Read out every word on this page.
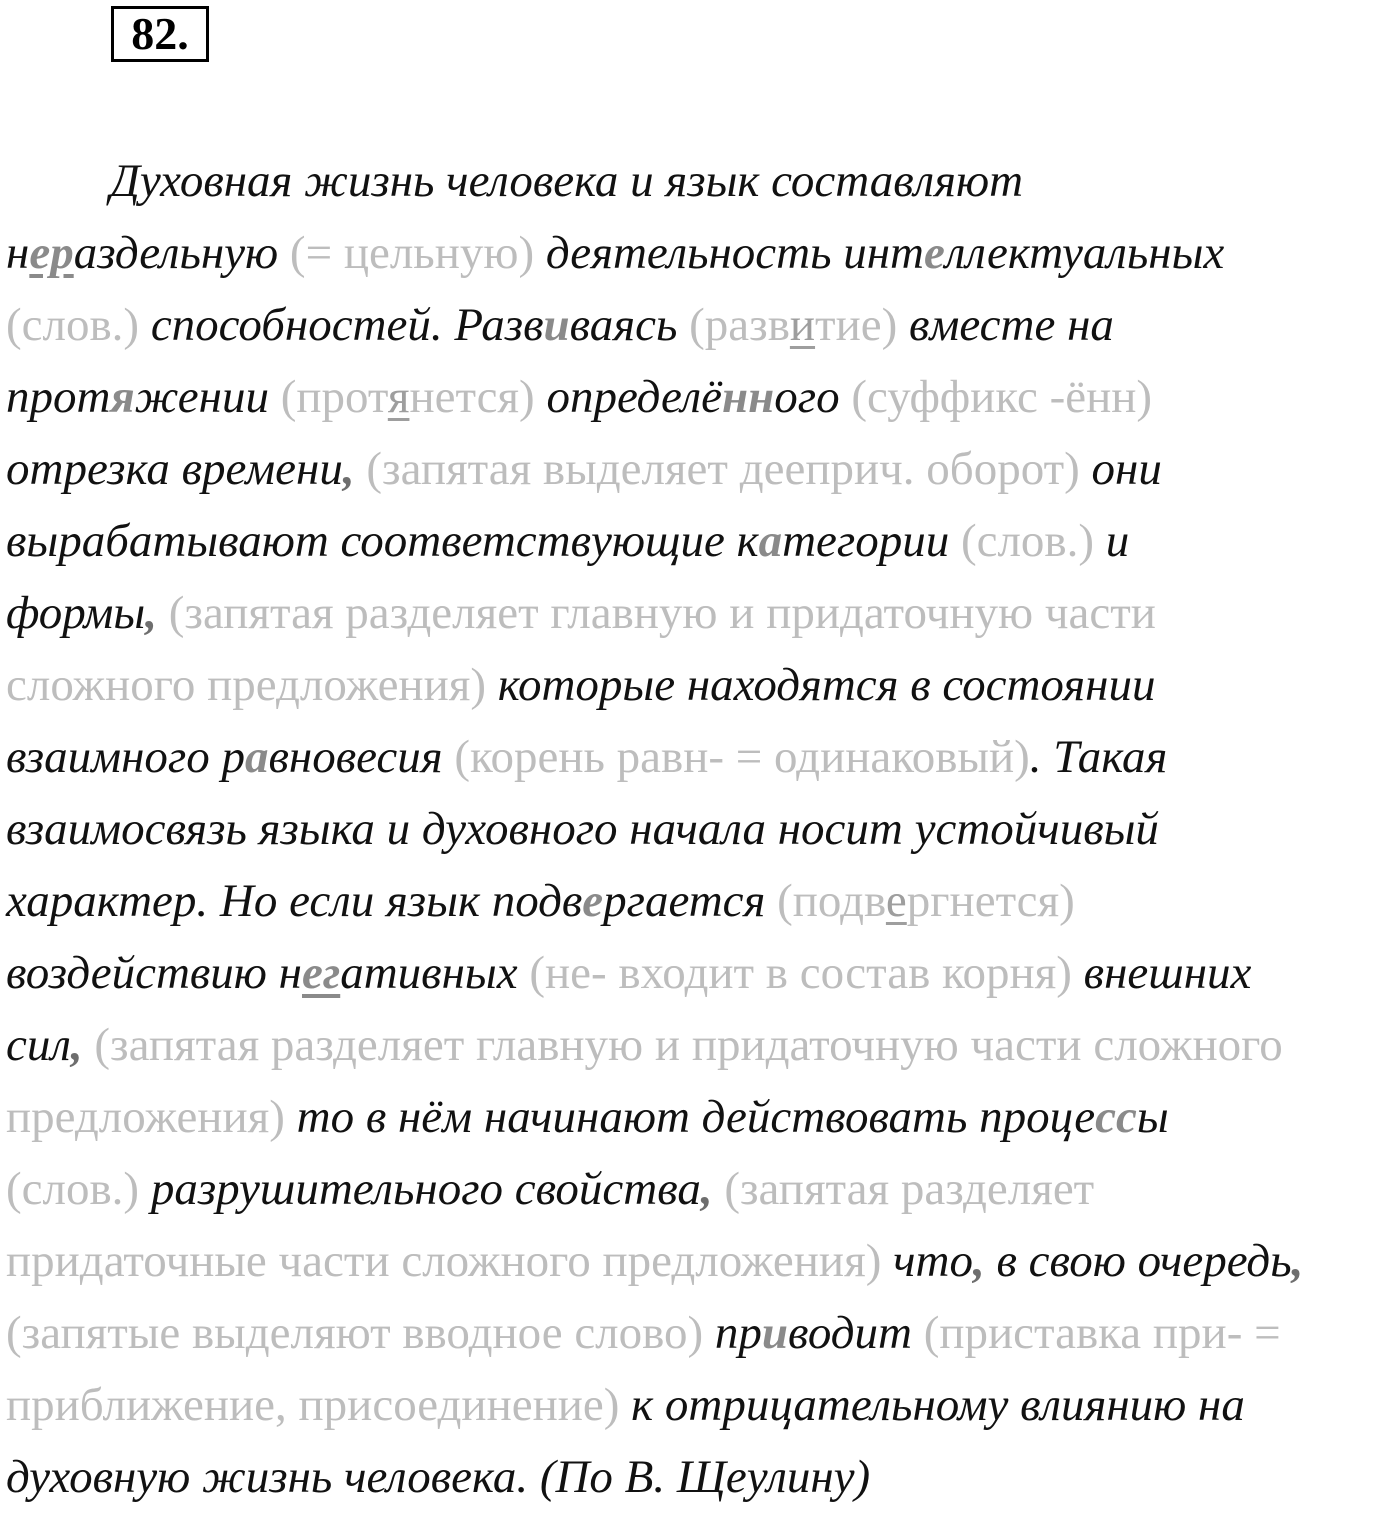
82.
Духовная жизнь человека и язык составляют
нераздельную (= цельную) деятельность интеллектуальных
(слов.) способностей. Развиваясь (развитие) вместе на
протяжении (протянется) определённого (суффикс -ённ)
отрезка времени, (запятая выделяет дееприч. оборот) они
вырабатывают соответствующие категории (слов.) и
формы, (запятая разделяет главную и придаточную части
сложного предложения) которые находятся в состоянии
взаимного равновесия (корень равн- = одинаковый). Такая
взаимосвязь языка и духовного начала носит устойчивый
характер. Но если язык подвергается (подвергнется)
воздействию негативных (не- входит в состав корня) внешних
сил, (запятая разделяет главную и придаточную части сложного
предложения) то в нём начинают действовать процессы
(слов.) разрушительного свойства, (запятая разделяет
придаточные части сложного предложения) что, в свою очередь,
(запятые выделяют вводное слово) приводит (приставка при- =
приближение, присоединение) к отрицательному влиянию на
духовную жизнь человека. (По В. Щеулину)
